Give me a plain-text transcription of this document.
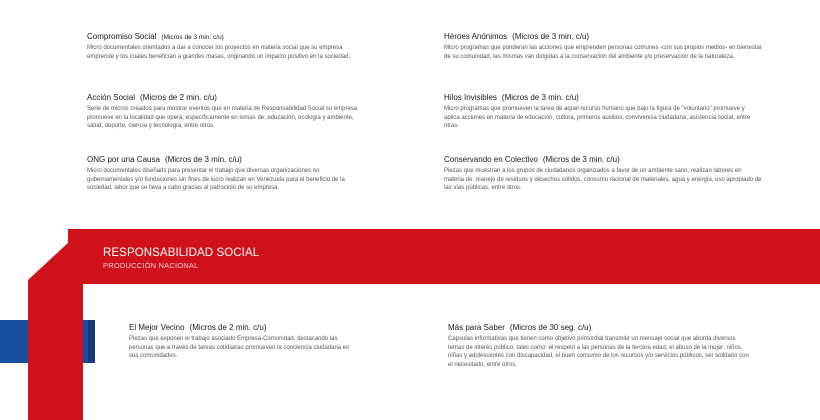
RESPONSABILIDAD SOCIAL
PRODUCCIÓN NACIONAL
Compromiso Social (Micros de 3 min. c/u)

Micro documentales orientados a dar a conocer los proyectos en materia social que su empresa emprende y los cuales benefician a grandes masas, originando un impacto positivo en la sociedad.

Héroes Anónimos (Micros de 3 min. c/u)

Micro programas que ponderan las acciones que emprenden personas comunes -con sus propios medios- en bienestar de su comunidad, las mismas van dirigidas a la conservación del ambiente y/o preservación de la naturaleza.

Acción Social (Micros de 2 min. c/u)

Serie de micros creados para mostrar eventos que en materia de Responsabilidad Social su empresa promueve en la localidad que opera; específicamente en temas de: educación, ecología y ambiente, salud, deporte, ciencia y tecnología, entre otros.

Hilos Invisibles (Micros de 3 min. c/u)

Micro programas que promueven la tarea de aquel recurso humano que bajo la figura de "voluntario" promueve y aplica acciones en materia de educación, cultura, primeros auxilios, convivencia ciudadana, asistencia social, entre otras.

ONG por una Causa (Micros de 3 min. c/u)

Micro documentales diseñads para presentar el trabajo que diversas organizaciones no gubernamentales y/o fundaciones sin fines de lucro realizan en Venezuela para el beneficio de la sociedad, labor que se lleva a cabo gracias al patrocinio de su empresa.

Conservando en Colectivo (Micros de 3 min. c/u)

Piezas que muestran a los grupos de ciudadanos organizados a favor de un ambiente sano, realizan labores en materia de: manejo de residuos y desechos sólidos, consumo racional de materiales, agua y energía, uso apropiado de las vías públicas, entre otros.

El Mejor Vecino (Micros de 2 min. c/u)

Piezas que exponen el trabajo asociado Empresa-Comunidad, destacando las personas que a través de tareas cotidianas promueven la conciencia ciudadana en sus comunidades.

Más para Saber (Micros de 30 seg. c/u)

Cápsulas informativas que tienen como objetivo primordial transmitir un mensaje social que aborda diversos temas de interés público; tales como: el respeto a las personas de la tercera edad, el abuso de la mujer; niños, niñas y adolescentes con discapacidad, el buen consumo de los recursos y/o servicios públicos, ser solidario con el necesitado, entre otros.
